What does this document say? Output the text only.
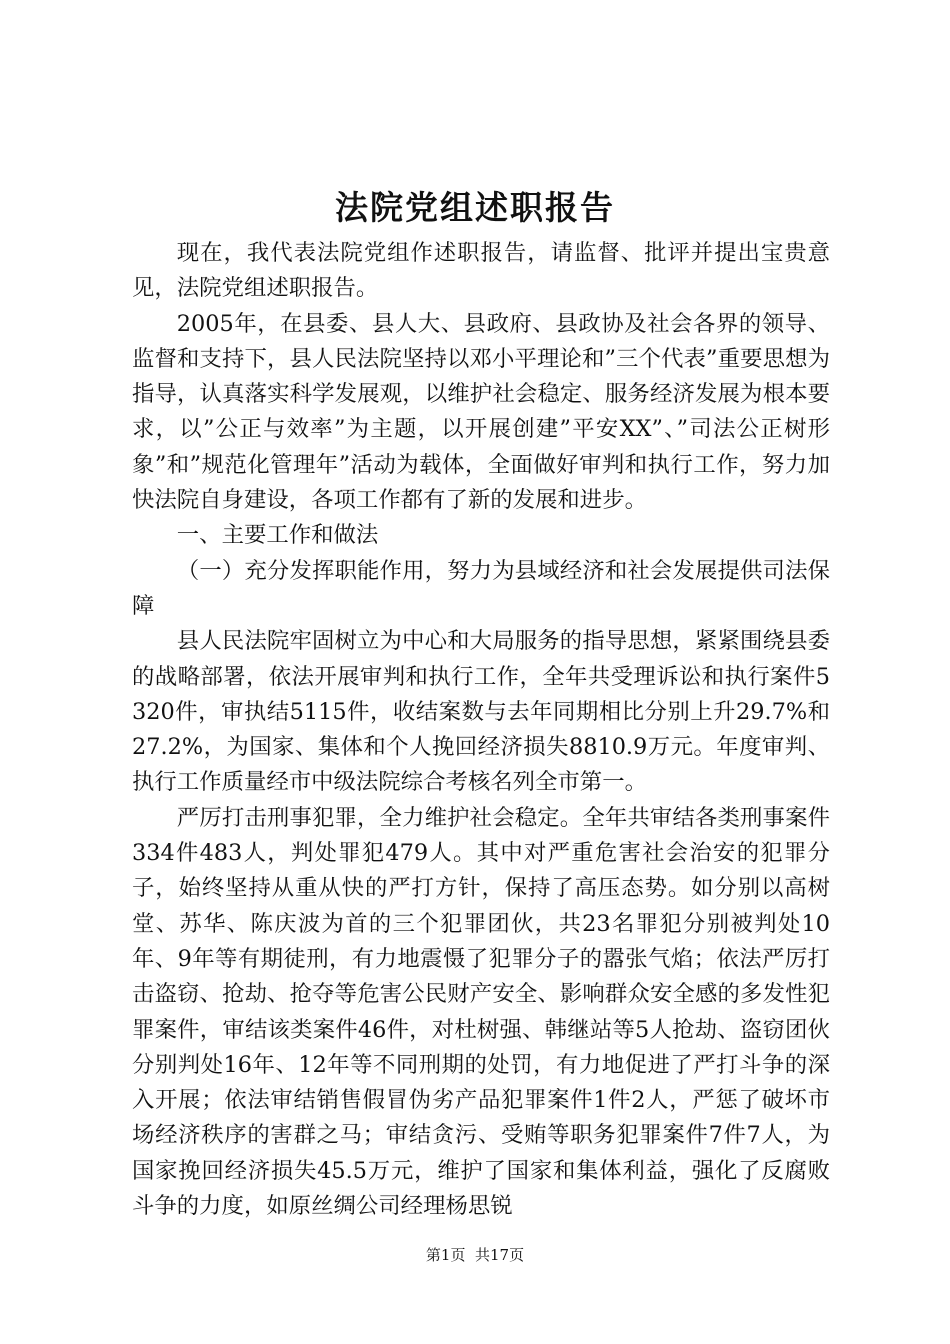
法院党组述职报告

现在，我代表法院党组作述职报告，请监督、批评并提出宝贵意见，法院党组述职报告。

2005年，在县委、县人大、县政府、县政协及社会各界的领导、监督和支持下，县人民法院坚持以邓小平理论和”三个代表”重要思想为指导，认真落实科学发展观，以维护社会稳定、服务经济发展为根本要求，以”公正与效率”为主题，以开展创建”平安XX”、”司法公正树形象”和”规范化管理年”活动为载体，全面做好审判和执行工作，努力加快法院自身建设，各项工作都有了新的发展和进步。

一、主要工作和做法

（一）充分发挥职能作用，努力为县域经济和社会发展提供司法保障

县人民法院牢固树立为中心和大局服务的指导思想，紧紧围绕县委的战略部署，依法开展审判和执行工作，全年共受理诉讼和执行案件5320件，审执结5115件，收结案数与去年同期相比分别上升29.7%和27.2%，为国家、集体和个人挽回经济损失8810.9万元。年度审判、执行工作质量经市中级法院综合考核名列全市第一。

严厉打击刑事犯罪，全力维护社会稳定。全年共审结各类刑事案件334件483人，判处罪犯479人。其中对严重危害社会治安的犯罪分子，始终坚持从重从快的严打方针，保持了高压态势。如分别以高树堂、苏华、陈庆波为首的三个犯罪团伙，共23名罪犯分别被判处10年、9年等有期徒刑，有力地震慑了犯罪分子的嚣张气焰；依法严厉打击盗窃、抢劫、抢夺等危害公民财产安全、影响群众安全感的多发性犯罪案件，审结该类案件46件，对杜树强、韩继站等5人抢劫、盗窃团伙分别判处16年、12年等不同刑期的处罚，有力地促进了严打斗争的深入开展；依法审结销售假冒伪劣产品犯罪案件1件2人，严惩了破坏市场经济秩序的害群之马；审结贪污、受贿等职务犯罪案件7件7人，为国家挽回经济损失45.5万元，维护了国家和集体利益，强化了反腐败斗争的力度，如原丝绸公司经理杨思锐

第1页 共17页
